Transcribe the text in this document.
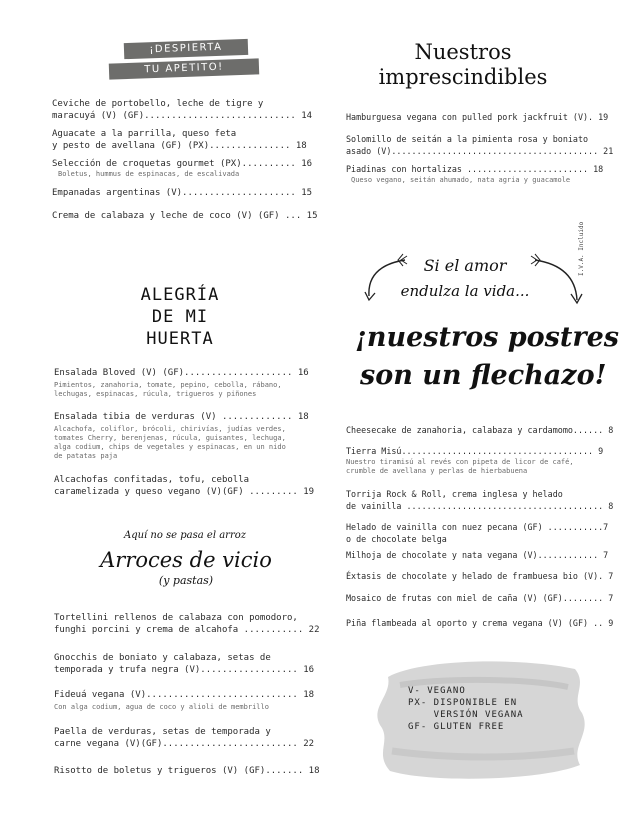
¡DESPIERTA
TU APETITO!
Ceviche de portobello, leche de tigre y
maracuyá (V) (GF)............................ 14
Aguacate a la parrilla, queso feta
y pesto de avellana (GF) (PX)............... 18
Selección de croquetas gourmet (PX).......... 16
Boletus, hummus de espinacas, de escalivada
Empanadas argentinas (V)..................... 15
Crema de calabaza y leche de coco (V) (GF) ... 15
Nuestros
imprescindibles
Hamburguesa vegana con pulled pork jackfruit (V). 19
Solomillo de seitán a la pimienta rosa y boniato
asado (V)......................................... 21
Piadinas con hortalizas ........................ 18
Queso vegano, seitán ahumado, nata agria y guacamole
I.V.A. Incluido
ALEGRÍA
DE MI
HUERTA
Ensalada Bloved (V) (GF).................... 16
Pimientos, zanahoria, tomate, pepino, cebolla, rábano,
lechugas, espinacas, rúcula, trigueros y piñones
Ensalada tibia de verduras (V) ............. 18
Alcachofa, coliflor, brócoli, chirivías, judías verdes,
tomates Cherry, berenjenas, rúcula, guisantes, lechuga,
alga codium, chips de vegetales y espinacas, en un nido
de patatas paja
Alcachofas confitadas, tofu, cebolla
caramelizada y queso vegano (V)(GF) ......... 19
Aquí no se pasa el arroz
Arroces de vicio
(y pastas)
Tortellini rellenos de calabaza con pomodoro,
funghi porcini y crema de alcahofa ........... 22
Gnocchis de boniato y calabaza, setas de
temporada y trufa negra (V).................. 16
Fideuá vegana (V)............................ 18
Con alga codium, agua de coco y alioli de membrillo
Paella de verduras, setas de temporada y
carne vegana (V)(GF)......................... 22
Risotto de boletus y trigueros (V) (GF)....... 18
Si el amor
endulza la vida...
¡nuestros postres
son un flechazo!
Cheesecake de zanahoria, calabaza y cardamomo...... 8
Tierra Misú...................................... 9
Nuestro tiramisú al revés con pipeta de licor de café,
crumble de avellana y perlas de hierbabuena
Torrija Rock & Roll, crema inglesa y helado
de vainilla ....................................... 8
Helado de vainilla con nuez pecana (GF) ...........7
o de chocolate belga
Milhoja de chocolate y nata vegana (V)............ 7
Éxtasis de chocolate y helado de frambuesa bio (V). 7
Mosaico de frutas con miel de caña (V) (GF)........ 7
Piña flambeada al oporto y crema vegana (V) (GF) .. 9
V- VEGANO
PX- DISPONIBLE EN
VERSIÓN VEGANA
GF- GLUTEN FREE
